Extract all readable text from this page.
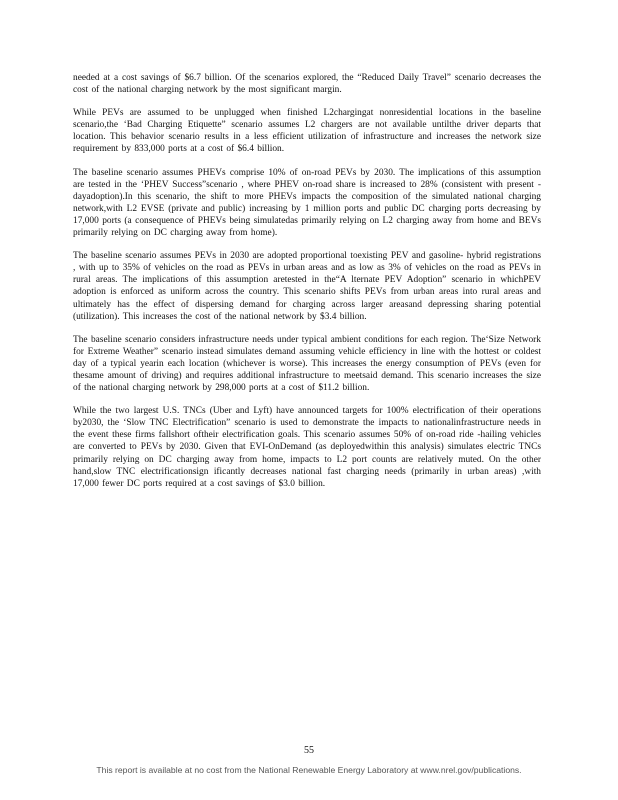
needed at a cost savings of $6.7 billion. Of the scenarios explored, the “Reduced Daily Travel” scenario decreases the cost of the national charging network by the most significant margin.

While PEVs are assumed to be unplugged when finished L2chargingat nonresidential locations in the baseline scenario,the ‘Bad Charging Etiquette” scenario assumes L2 chargers are not available untilthe driver departs that location. This behavior scenario results in a less efficient utilization of infrastructure and increases the network size requirement by 833,000 ports at a cost of $6.4 billion.

The baseline scenario assumes PHEVs comprise 10% of on-road PEVs by 2030. The implications of this assumption are tested in the ‘PHEV Success”scenario , where PHEV on-road share is increased to 28% (consistent with present -dayadoption).In this scenario, the shift to more PHEVs impacts the composition of the simulated national charging network,with L2 EVSE (private and public) increasing by 1 million ports and public DC charging ports decreasing by 17,000 ports (a consequence of PHEVs being simulatedas primarily relying on L2 charging away from home and BEVs primarily relying on DC charging away from home).

The baseline scenario assumes PEVs in 2030 are adopted proportional toexisting PEV and gasoline- hybrid registrations , with up to 35% of vehicles on the road as PEVs in urban areas and as low as 3% of vehicles on the road as PEVs in rural areas. The implications of this assumption aretested in the“A lternate PEV Adoption” scenario in whichPEV adoption is enforced as uniform across the country. This scenario shifts PEVs from urban areas into rural areas and ultimately has the effect of dispersing demand for charging across larger areasand depressing sharing potential (utilization). This increases the cost of the national network by $3.4 billion.

The baseline scenario considers infrastructure needs under typical ambient conditions for each region. The‘Size Network for Extreme Weather” scenario instead simulates demand assuming vehicle efficiency in line with the hottest or coldest day of a typical yearin each location (whichever is worse). This increases the energy consumption of PEVs (even for thesame amount of driving) and requires additional infrastructure to meetsaid demand. This scenario increases the size of the national charging network by 298,000 ports at a cost of $11.2 billion.

While the two largest U.S. TNCs (Uber and Lyft) have announced targets for 100% electrification of their operations by2030, the ‘Slow TNC Electrification” scenario is used to demonstrate the impacts to nationalinfrastructure needs in the event these firms fallshort oftheir electrification goals. This scenario assumes 50% of on-road ride -hailing vehicles are converted to PEVs by 2030. Given that EVI-OnDemand (as deployedwithin this analysis) simulates electric TNCs primarily relying on DC charging away from home, impacts to L2 port counts are relatively muted. On the other hand,slow TNC electrificationsign ificantly decreases national fast charging needs (primarily in urban areas) ,with 17,000 fewer DC ports required at a cost savings of $3.0 billion.

55
This report is available at no cost from the National Renewable Energy Laboratory at www.nrel.gov/publications.
